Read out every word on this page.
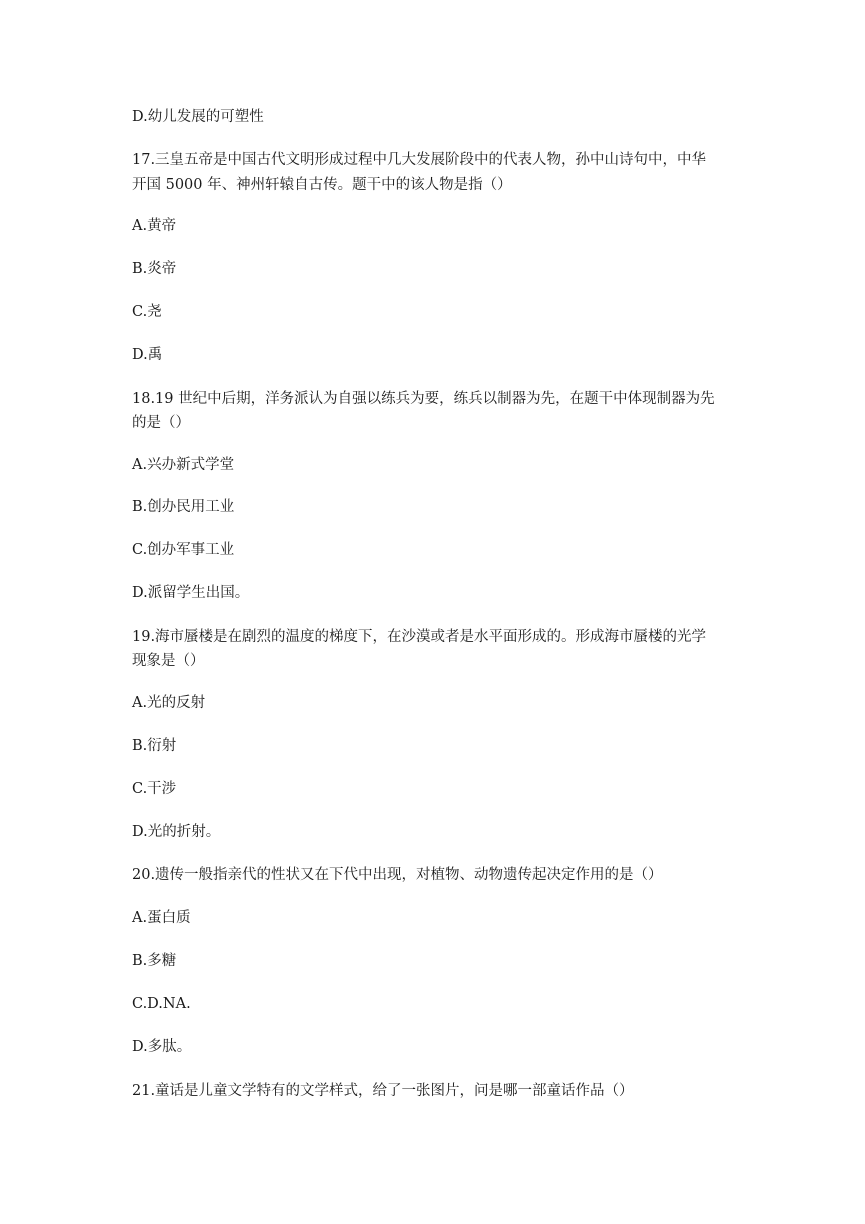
D.幼儿发展的可塑性
17.三皇五帝是中国古代文明形成过程中几大发展阶段中的代表人物，孙中山诗句中，中华
开国 5000 年、神州轩辕自古传。题干中的该人物是指（）
A.黄帝
B.炎帝
C.尧
D.禹
18.19 世纪中后期，洋务派认为自强以练兵为要，练兵以制器为先，在题干中体现制器为先
的是（）
A.兴办新式学堂
B.创办民用工业
C.创办军事工业
D.派留学生出国。
19.海市蜃楼是在剧烈的温度的梯度下，在沙漠或者是水平面形成的。形成海市蜃楼的光学
现象是（）
A.光的反射
B.衍射
C.干涉
D.光的折射。
20.遗传一般指亲代的性状又在下代中出现，对植物、动物遗传起决定作用的是（）
A.蛋白质
B.多糖
C.D.NA.
D.多肽。
21.童话是儿童文学特有的文学样式，给了一张图片，问是哪一部童话作品（）
